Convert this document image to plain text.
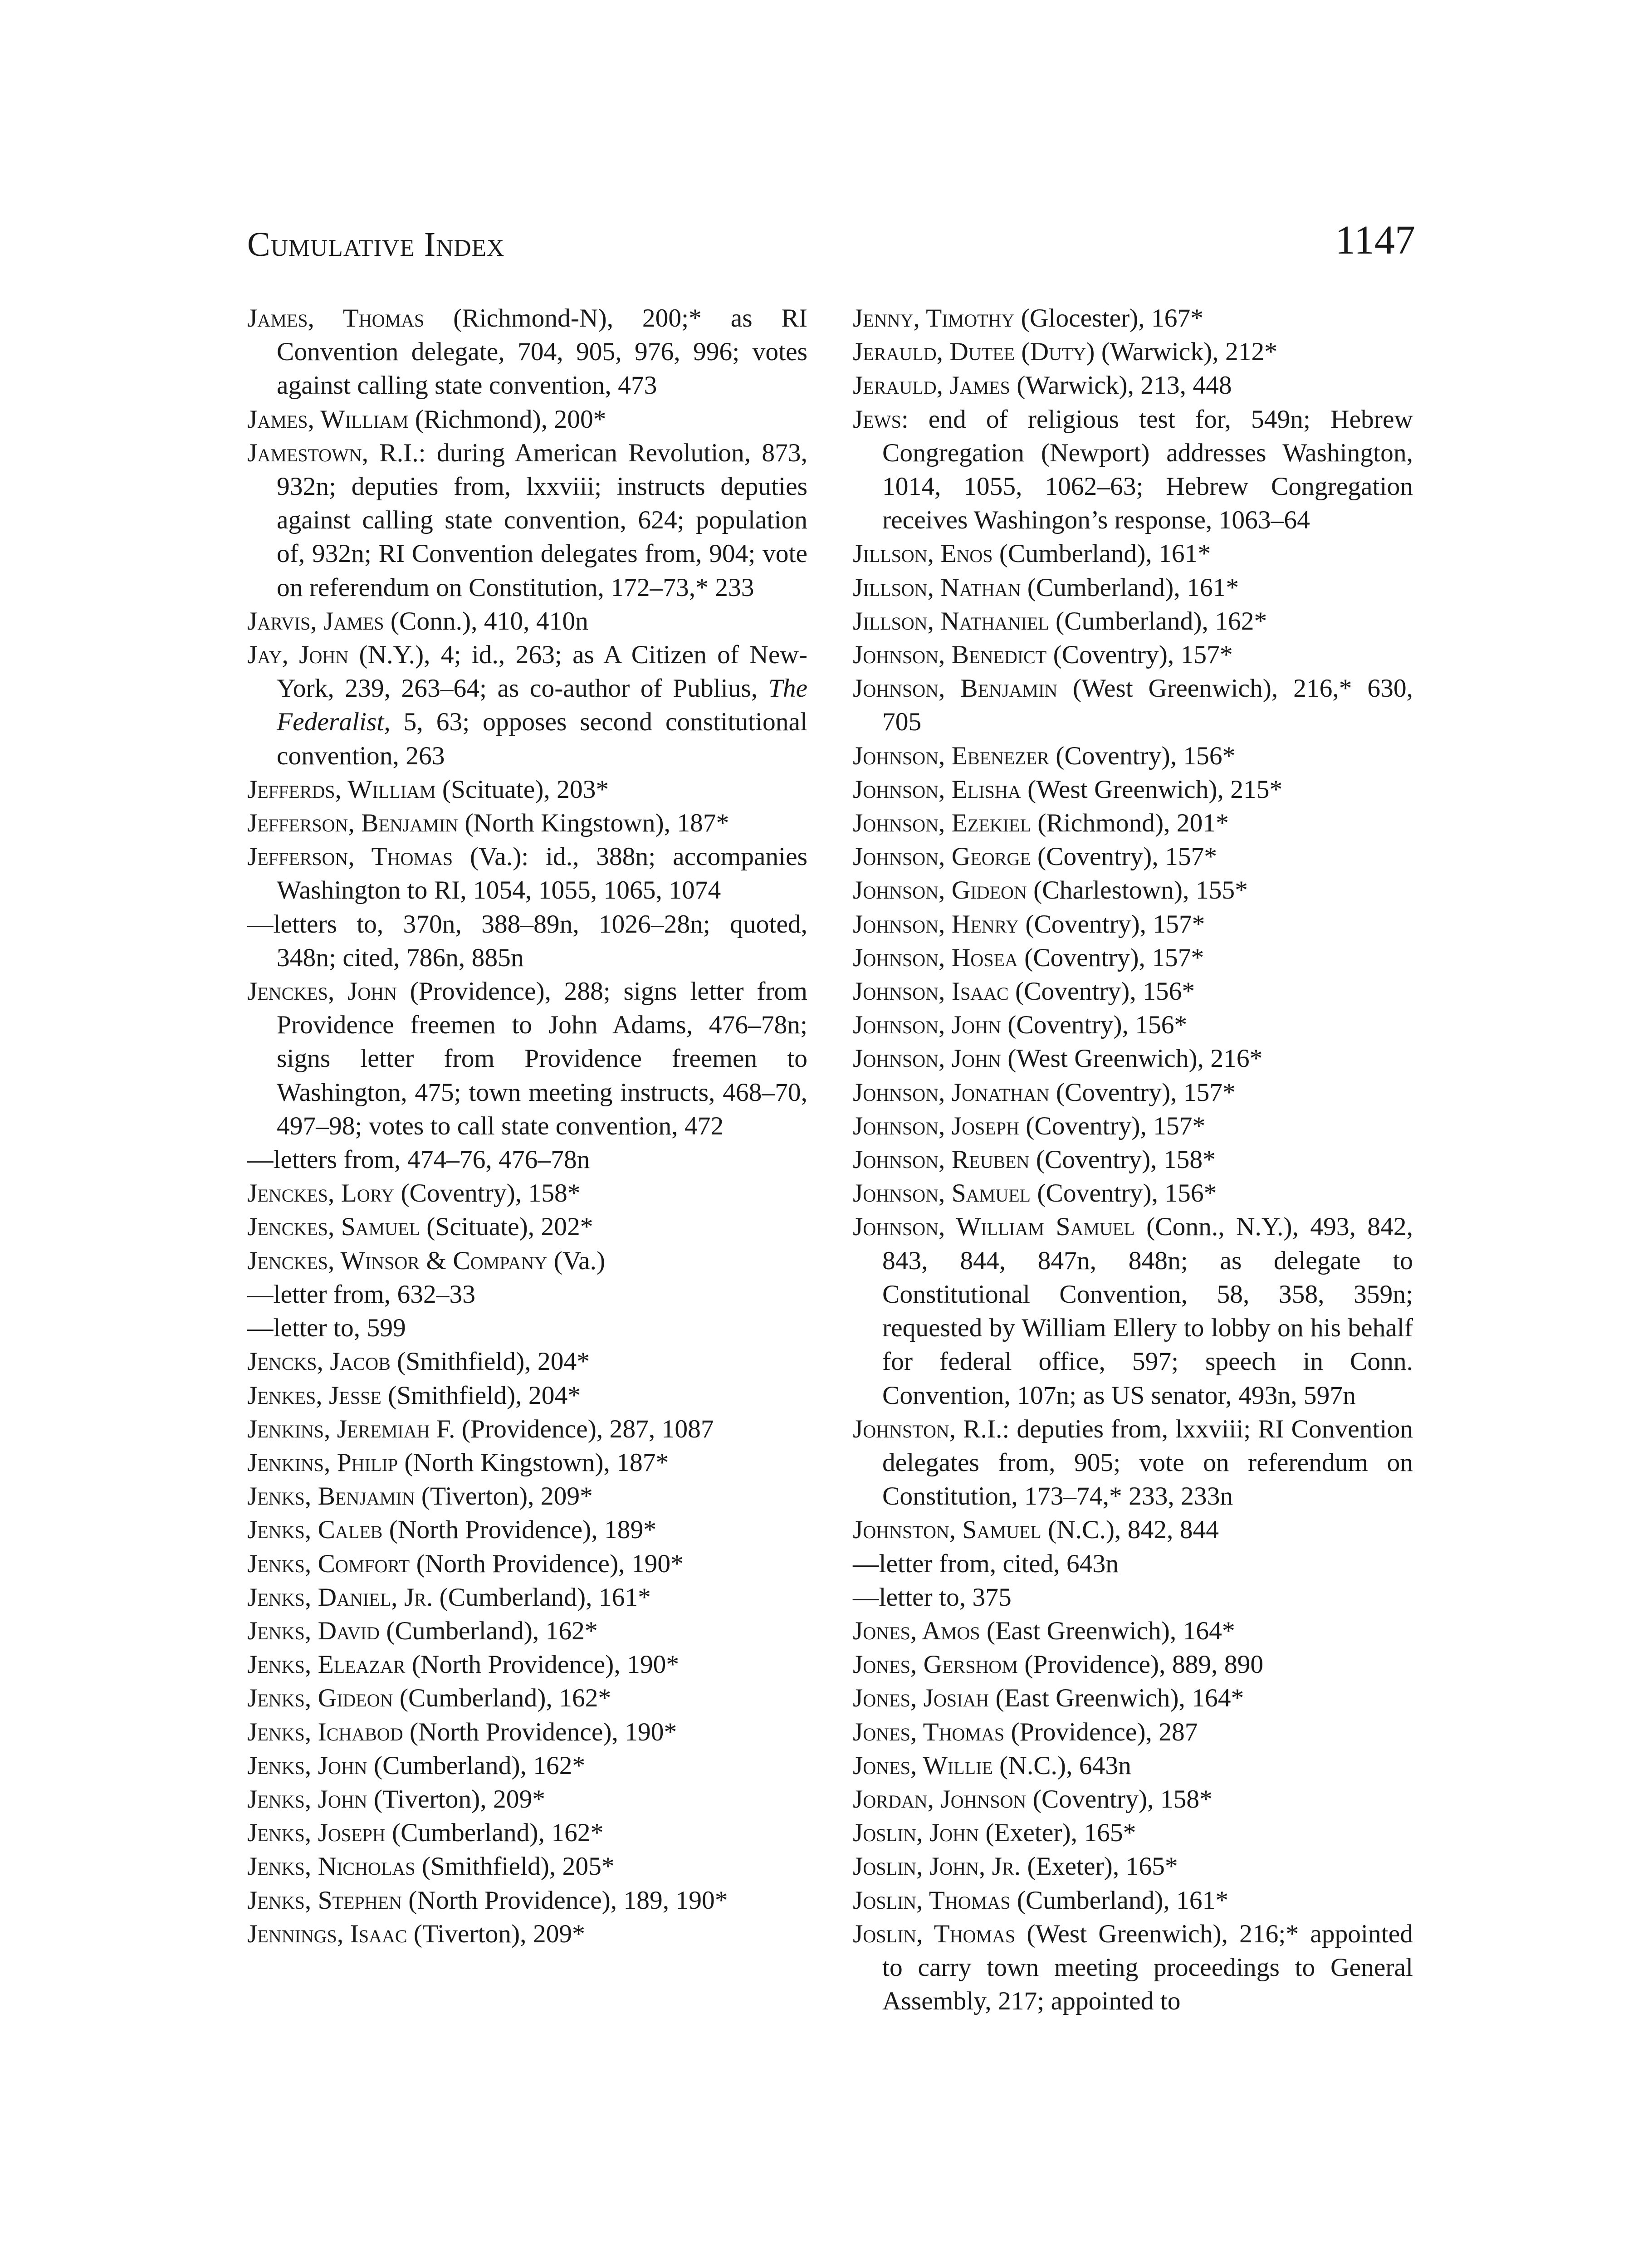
Cumulative Index	1147
James, Thomas (Richmond-N), 200;* as RI Convention delegate, 704, 905, 976, 996; votes against calling state convention, 473
James, William (Richmond), 200*
Jamestown, R.I.: during American Revolution, 873, 932n; deputies from, lxxviii; instructs deputies against calling state convention, 624; population of, 932n; RI Convention delegates from, 904; vote on referendum on Constitution, 172–73,* 233
Jarvis, James (Conn.), 410, 410n
Jay, John (N.Y.), 4; id., 263; as A Citizen of New-York, 239, 263–64; as co-author of Publius, The Federalist, 5, 63; opposes second constitutional convention, 263
Jefferds, William (Scituate), 203*
Jefferson, Benjamin (North Kingstown), 187*
Jefferson, Thomas (Va.): id., 388n; accompanies Washington to RI, 1054, 1055, 1065, 1074
—letters to, 370n, 388–89n, 1026–28n; quoted, 348n; cited, 786n, 885n
Jenckes, John (Providence), 288; signs letter from Providence freemen to John Adams, 476–78n; signs letter from Providence freemen to Washington, 475; town meeting instructs, 468–70, 497–98; votes to call state convention, 472
—letters from, 474–76, 476–78n
Jenckes, Lory (Coventry), 158*
Jenckes, Samuel (Scituate), 202*
Jenckes, Winsor & Company (Va.)
—letter from, 632–33
—letter to, 599
Jencks, Jacob (Smithfield), 204*
Jenkes, Jesse (Smithfield), 204*
Jenkins, Jeremiah F. (Providence), 287, 1087
Jenkins, Philip (North Kingstown), 187*
Jenks, Benjamin (Tiverton), 209*
Jenks, Caleb (North Providence), 189*
Jenks, Comfort (North Providence), 190*
Jenks, Daniel, Jr. (Cumberland), 161*
Jenks, David (Cumberland), 162*
Jenks, Eleazar (North Providence), 190*
Jenks, Gideon (Cumberland), 162*
Jenks, Ichabod (North Providence), 190*
Jenks, John (Cumberland), 162*
Jenks, John (Tiverton), 209*
Jenks, Joseph (Cumberland), 162*
Jenks, Nicholas (Smithfield), 205*
Jenks, Stephen (North Providence), 189, 190*
Jennings, Isaac (Tiverton), 209*
Jenny, Timothy (Glocester), 167*
Jerauld, Dutee (Duty) (Warwick), 212*
Jerauld, James (Warwick), 213, 448
Jews: end of religious test for, 549n; Hebrew Congregation (Newport) addresses Washington, 1014, 1055, 1062–63; Hebrew Congregation receives Washingon’s response, 1063–64
Jillson, Enos (Cumberland), 161*
Jillson, Nathan (Cumberland), 161*
Jillson, Nathaniel (Cumberland), 162*
Johnson, Benedict (Coventry), 157*
Johnson, Benjamin (West Greenwich), 216,* 630, 705
Johnson, Ebenezer (Coventry), 156*
Johnson, Elisha (West Greenwich), 215*
Johnson, Ezekiel (Richmond), 201*
Johnson, George (Coventry), 157*
Johnson, Gideon (Charlestown), 155*
Johnson, Henry (Coventry), 157*
Johnson, Hosea (Coventry), 157*
Johnson, Isaac (Coventry), 156*
Johnson, John (Coventry), 156*
Johnson, John (West Greenwich), 216*
Johnson, Jonathan (Coventry), 157*
Johnson, Joseph (Coventry), 157*
Johnson, Reuben (Coventry), 158*
Johnson, Samuel (Coventry), 156*
Johnson, William Samuel (Conn., N.Y.), 493, 842, 843, 844, 847n, 848n; as delegate to Constitutional Convention, 58, 358, 359n; requested by William Ellery to lobby on his behalf for federal office, 597; speech in Conn. Convention, 107n; as US senator, 493n, 597n
Johnston, R.I.: deputies from, lxxviii; RI Convention delegates from, 905; vote on referendum on Constitution, 173–74,* 233, 233n
Johnston, Samuel (N.C.), 842, 844
—letter from, cited, 643n
—letter to, 375
Jones, Amos (East Greenwich), 164*
Jones, Gershom (Providence), 889, 890
Jones, Josiah (East Greenwich), 164*
Jones, Thomas (Providence), 287
Jones, Willie (N.C.), 643n
Jordan, Johnson (Coventry), 158*
Joslin, John (Exeter), 165*
Joslin, John, Jr. (Exeter), 165*
Joslin, Thomas (Cumberland), 161*
Joslin, Thomas (West Greenwich), 216;* appointed to carry town meeting proceedings to General Assembly, 217; appointed to
